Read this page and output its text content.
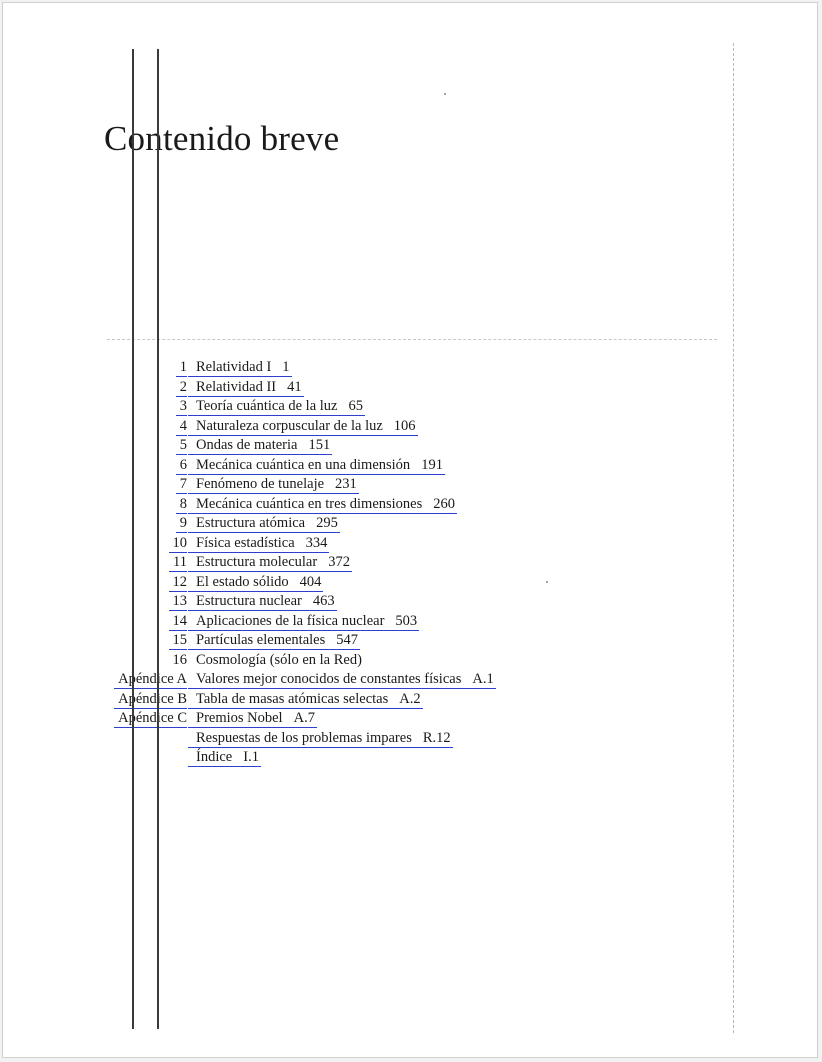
Contenido breve
1 Relatividad I 1
2 Relatividad II 41
3 Teoría cuántica de la luz 65
4 Naturaleza corpuscular de la luz 106
5 Ondas de materia 151
6 Mecánica cuántica en una dimensión 191
7 Fenómeno de tunelaje 231
8 Mecánica cuántica en tres dimensiones 260
9 Estructura atómica 295
10 Física estadística 334
11 Estructura molecular 372
12 El estado sólido 404
13 Estructura nuclear 463
14 Aplicaciones de la física nuclear 503
15 Partículas elementales 547
16 Cosmología (sólo en la Red)
Apéndice A Valores mejor conocidos de constantes físicas A.1
Apéndice B Tabla de masas atómicas selectas A.2
Apéndice C Premios Nobel A.7
Respuestas de los problemas impares R.12
Índice I.1
